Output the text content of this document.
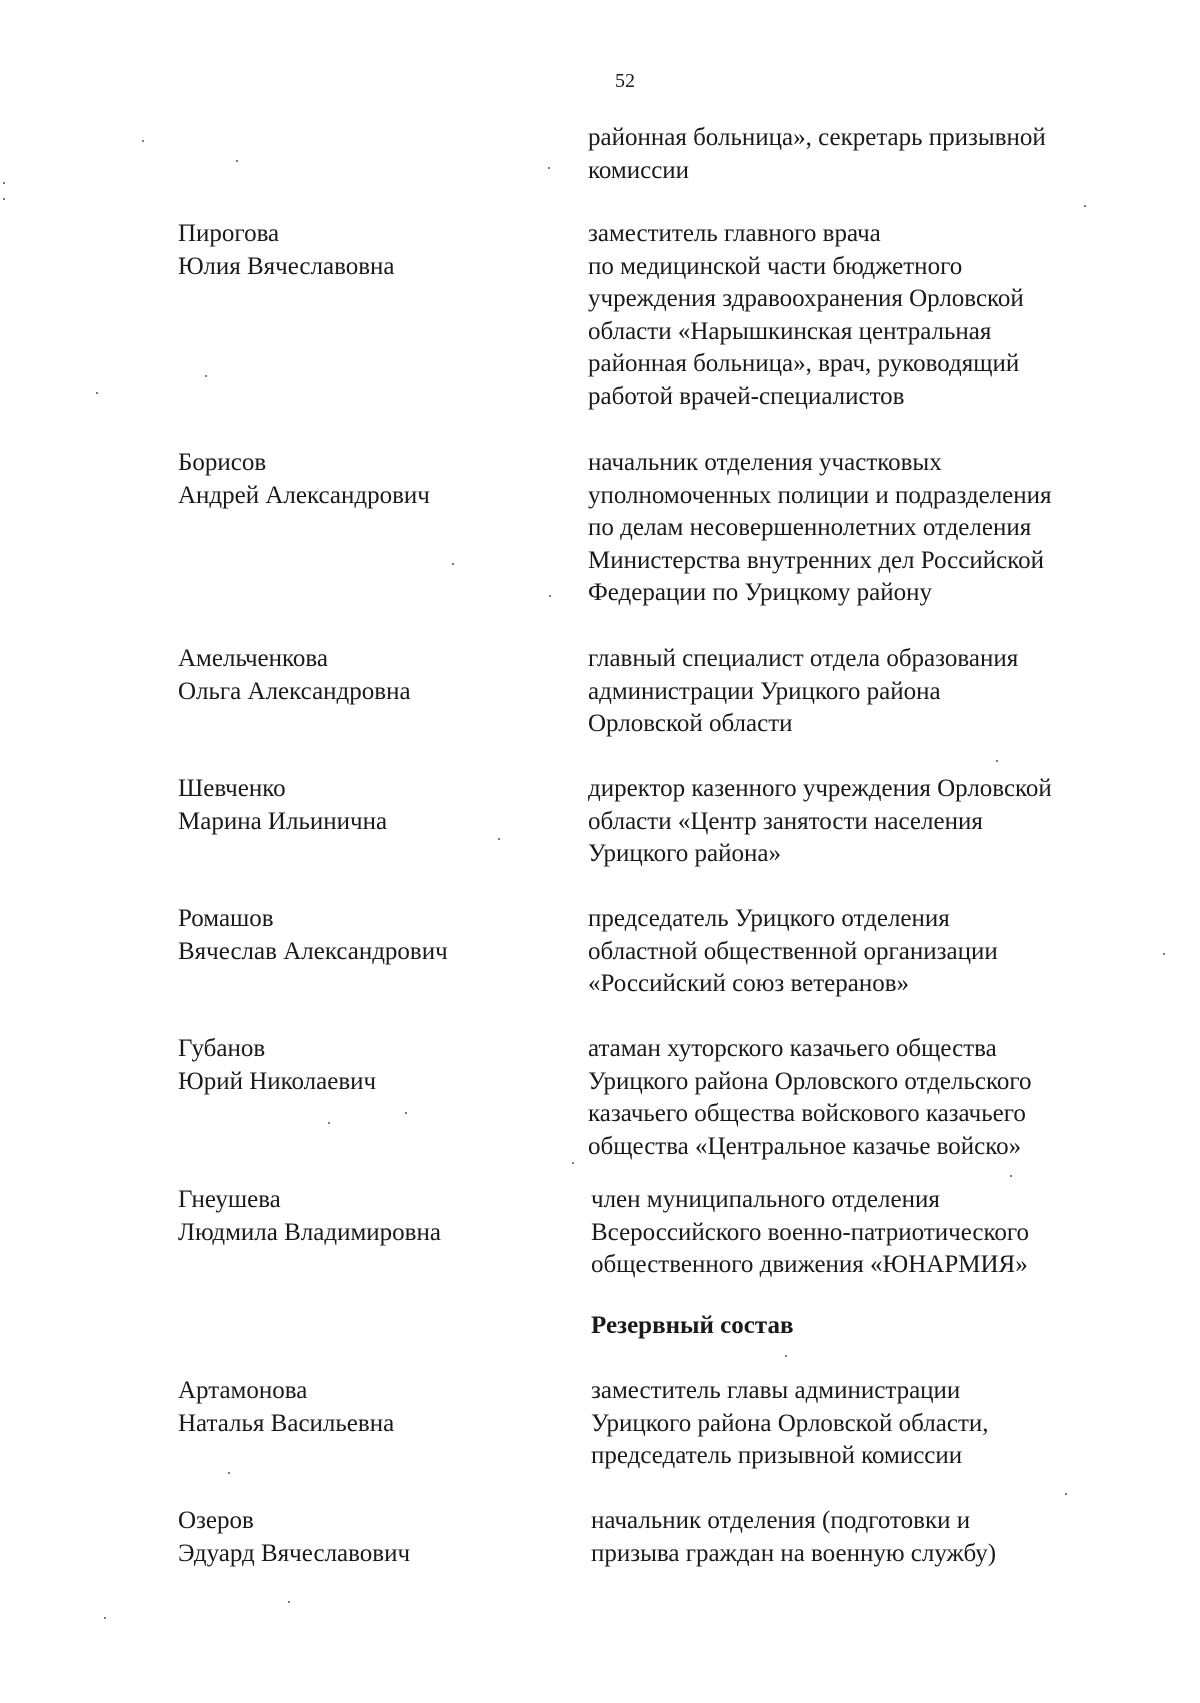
52
районная больница», секретарь призывной
комиссии
Пирогова
Юлия Вячеславовна
заместитель главного врача
по медицинской части бюджетного
учреждения здравоохранения Орловской
области «Нарышкинская центральная
районная больница», врач, руководящий
работой врачей-специалистов
Борисов
Андрей Александрович
начальник отделения участковых
уполномоченных полиции и подразделения
по делам несовершеннолетних отделения
Министерства внутренних дел Российской
Федерации по Урицкому району
Амельченкова
Ольга Александровна
главный специалист отдела образования
администрации Урицкого района
Орловской области
Шевченко
Марина Ильинична
директор казенного учреждения Орловской
области «Центр занятости населения
Урицкого района»
Ромашов
Вячеслав Александрович
председатель Урицкого отделения
областной общественной организации
«Российский союз ветеранов»
Губанов
Юрий Николаевич
атаман хуторского казачьего общества
Урицкого района Орловского отдельского
казачьего общества войскового казачьего
общества «Центральное казачье войско»
Гнеушева
Людмила Владимировна
член муниципального отделения
Всероссийского военно-патриотического
общественного движения «ЮНАРМИЯ»
Резервный состав
Артамонова
Наталья Васильевна
заместитель главы администрации
Урицкого района Орловской области,
председатель призывной комиссии
Озеров
Эдуард Вячеславович
начальник отделения (подготовки и
призыва граждан на военную службу)
